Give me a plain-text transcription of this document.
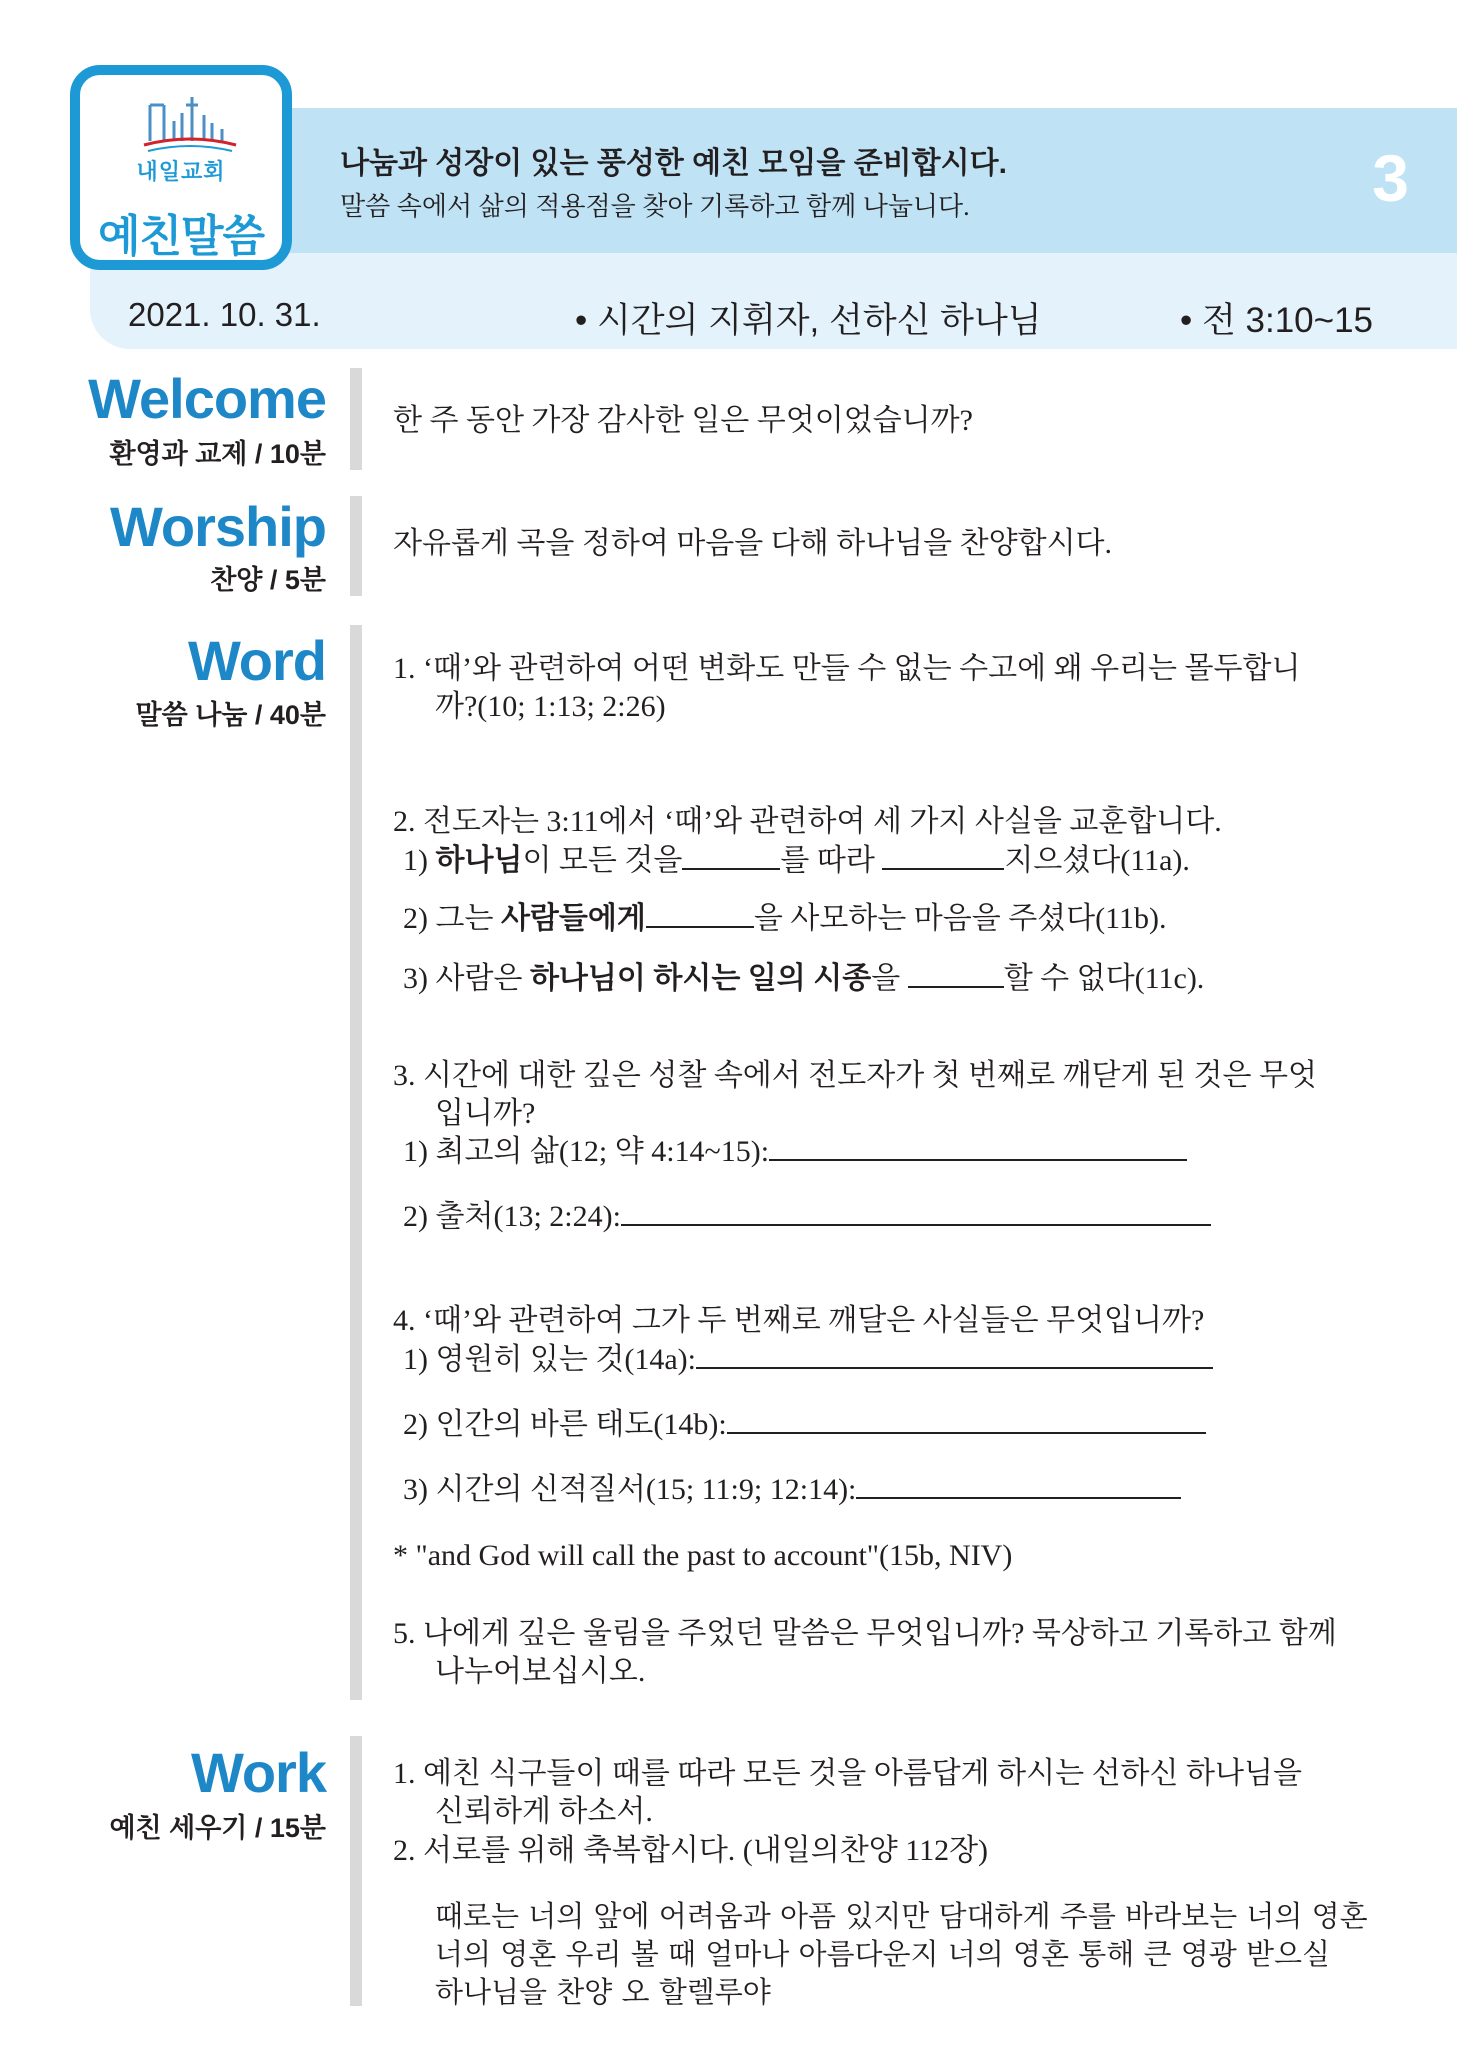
내일교회
예친말씀
나눔과 성장이 있는 풍성한 예친 모임을 준비합시다.
말씀 속에서 삶의 적용점을 찾아 기록하고 함께 나눕니다.	3
2021. 10. 31.	• 시간의 지휘자, 선하신 하나님	• 전 3:10~15
Welcome
환영과 교제 / 10분
한 주 동안 가장 감사한 일은 무엇이었습니까?
Worship
찬양 / 5분
자유롭게 곡을 정하여 마음을 다해 하나님을 찬양합시다.
Word
말씀 나눔 / 40분
1. ‘때’와 관련하여 어떤 변화도 만들 수 없는 수고에 왜 우리는 몰두합니
까?(10; 1:13; 2:26)
2. 전도자는 3:11에서 ‘때’와 관련하여 세 가지 사실을 교훈합니다.
1) 하나님이 모든 것을	를 따라	지으셨다(11a).
2) 그는 사람들에게	을 사모하는 마음을 주셨다(11b).
3) 사람은 하나님이 하시는 일의 시종을	할 수 없다(11c).
3. 시간에 대한 깊은 성찰 속에서 전도자가 첫 번째로 깨닫게 된 것은 무엇
입니까?
1) 최고의 삶(12; 약 4:14~15):
2) 출처(13; 2:24):
4. ‘때’와 관련하여 그가 두 번째로 깨달은 사실들은 무엇입니까?
1) 영원히 있는 것(14a):
2) 인간의 바른 태도(14b):
3) 시간의 신적질서(15; 11:9; 12:14):
* "and God will call the past to account"(15b, NIV)
5. 나에게 깊은 울림을 주었던 말씀은 무엇입니까? 묵상하고 기록하고 함께
나누어보십시오.
Work
예친 세우기 / 15분
1. 예친 식구들이 때를 따라 모든 것을 아름답게 하시는 선하신 하나님을
신뢰하게 하소서.
2. 서로를 위해 축복합시다. (내일의찬양 112장)
때로는 너의 앞에 어려움과 아픔 있지만 담대하게 주를 바라보는 너의 영혼
너의 영혼 우리 볼 때 얼마나 아름다운지 너의 영혼 통해 큰 영광 받으실
하나님을 찬양 오 할렐루야
